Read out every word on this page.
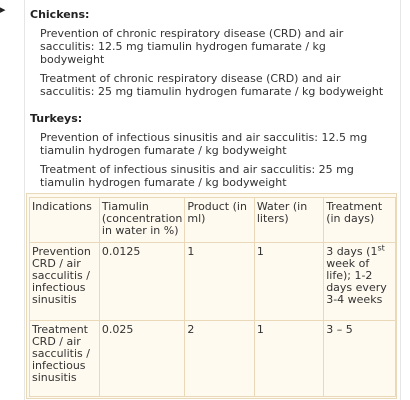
▸ Chickens:

Prevention of chronic respiratory disease (CRD) and air sacculitis: 12.5 mg tiamulin hydrogen fumarate / kg bodyweight

Treatment of chronic respiratory disease (CRD) and air sacculitis: 25 mg tiamulin hydrogen fumarate / kg bodyweight

Turkeys:

Prevention of infectious sinusitis and air sacculitis: 12.5 mg tiamulin hydrogen fumarate / kg bodyweight

Treatment of infectious sinusitis and air sacculitis: 25 mg tiamulin hydrogen fumarate / kg bodyweight

Indications	Tiamulin (concentration in water in %)	Product (in ml)	Water (in liters)	Treatment (in days)
Prevention CRD / air sacculitis / infectious sinusitis	0.0125	1	1	3 days (1st week of life); 1-2 days every 3-4 weeks
Treatment CRD / air sacculitis / infectious sinusitis	0.025	2	1	3 – 5
